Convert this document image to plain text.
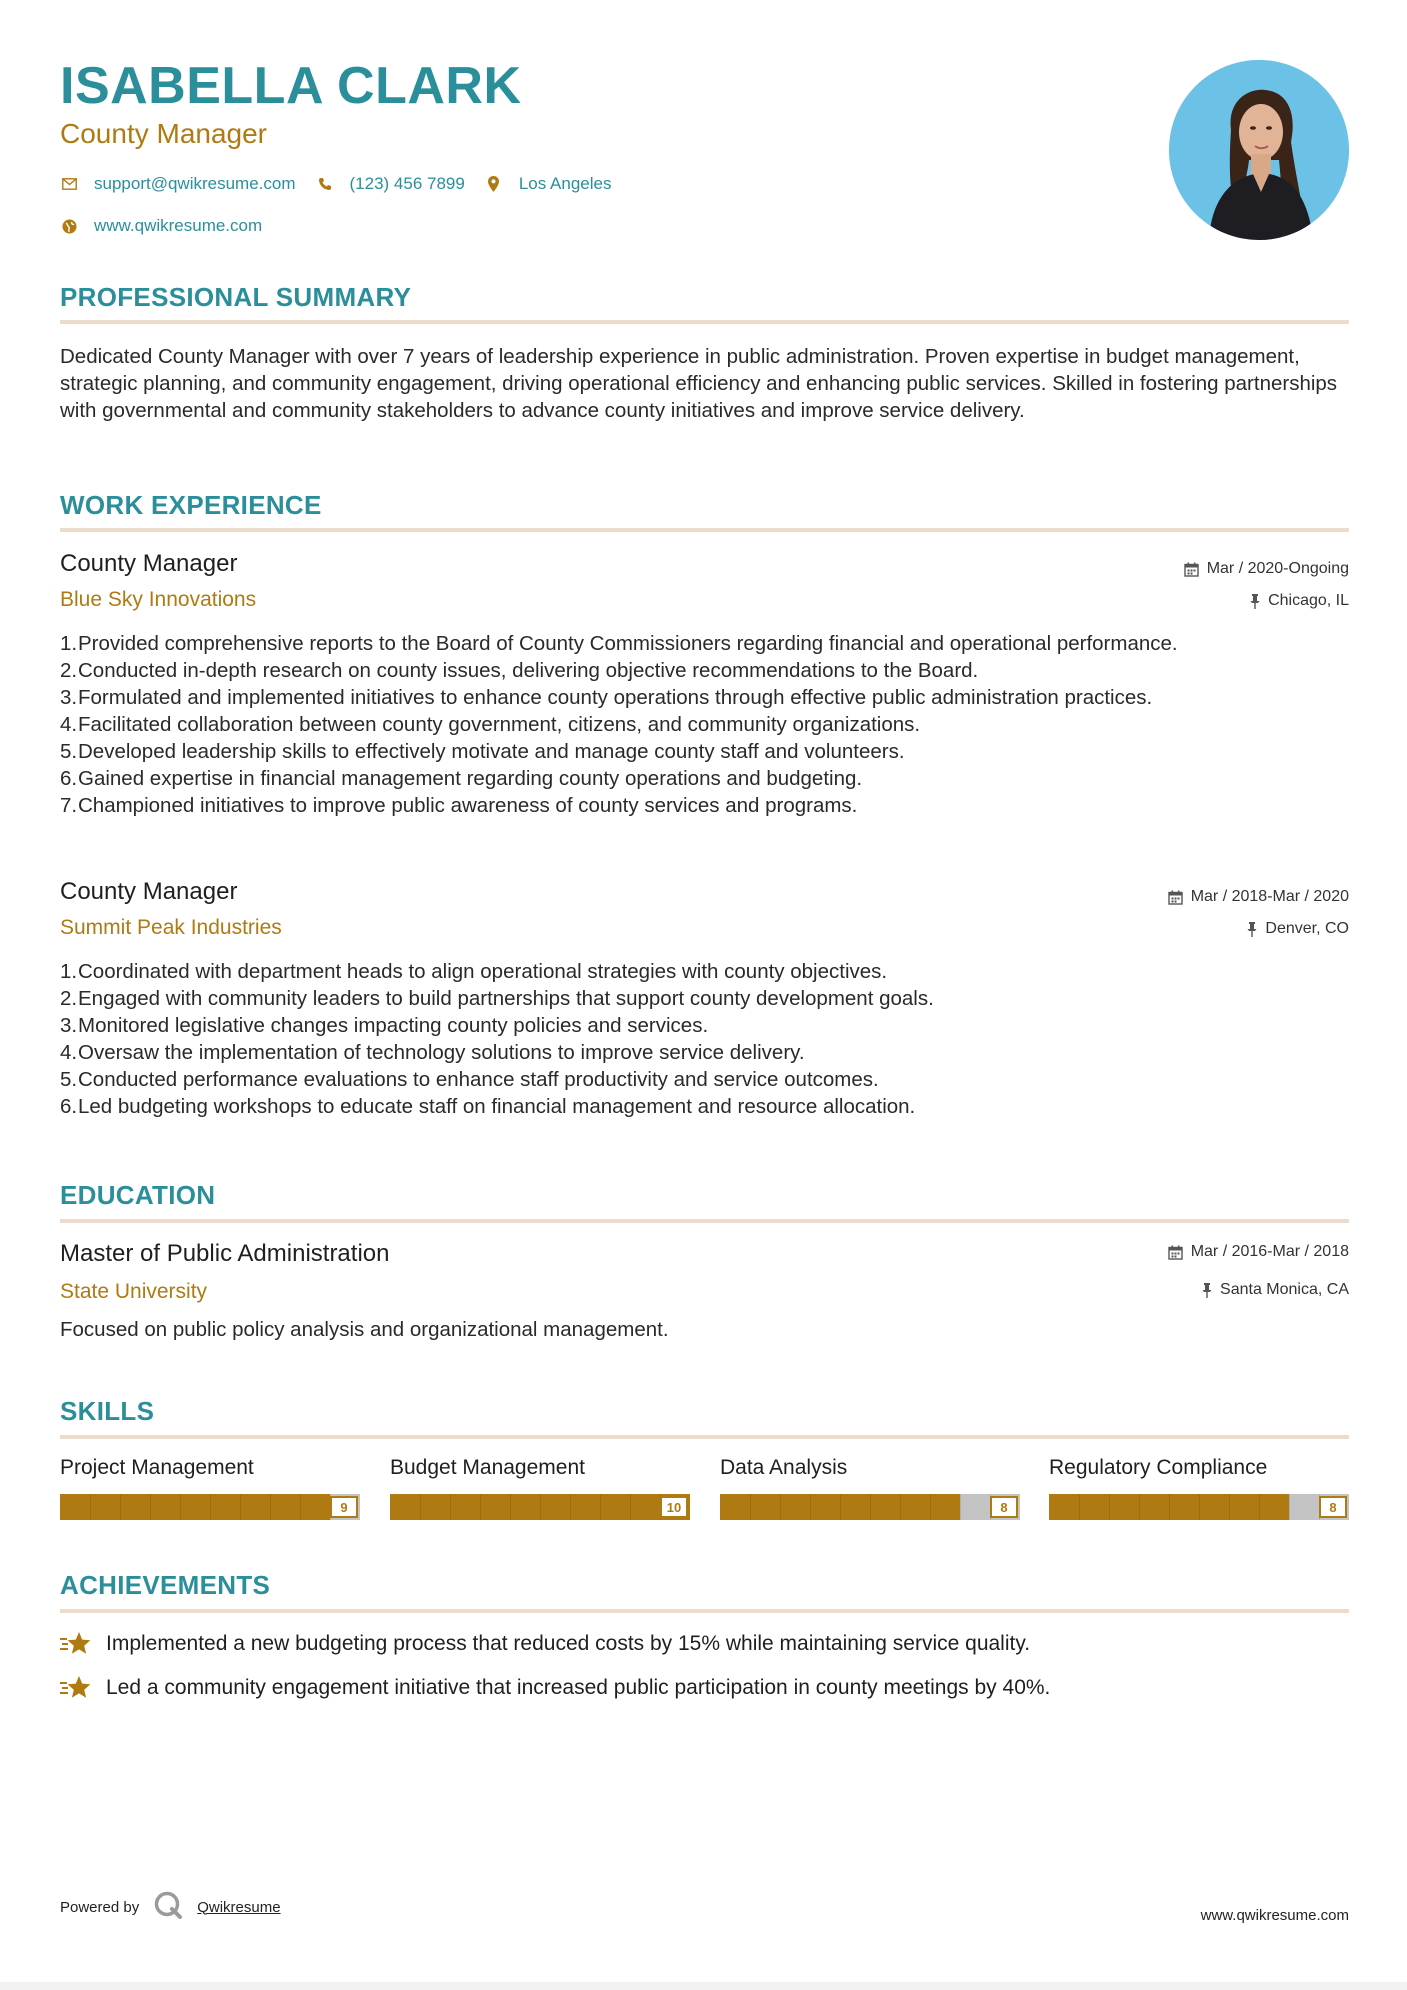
ISABELLA CLARK

County Manager

support@qwikresume.com	(123) 456 7899	Los Angeles
www.qwikresume.com
PROFESSIONAL SUMMARY

Dedicated County Manager with over 7 years of leadership experience in public administration. Proven expertise in budget management, strategic planning, and community engagement, driving operational efficiency and enhancing public services. Skilled in fostering partnerships with governmental and community stakeholders to advance county initiatives and improve service delivery.

WORK EXPERIENCE

County Manager

Blue Sky Innovations

Mar / 2020-Ongoing
Chicago, IL
1. Provided comprehensive reports to the Board of County Commissioners regarding financial and operational performance.
2. Conducted in-depth research on county issues, delivering objective recommendations to the Board.
3. Formulated and implemented initiatives to enhance county operations through effective public administration practices.
4. Facilitated collaboration between county government, citizens, and community organizations.
5. Developed leadership skills to effectively motivate and manage county staff and volunteers.
6. Gained expertise in financial management regarding county operations and budgeting.
7. Championed initiatives to improve public awareness of county services and programs.

County Manager

Summit Peak Industries

Mar / 2018-Mar / 2020
Denver, CO
1. Coordinated with department heads to align operational strategies with county objectives.
2. Engaged with community leaders to build partnerships that support county development goals.
3. Monitored legislative changes impacting county policies and services.
4. Oversaw the implementation of technology solutions to improve service delivery.
5. Conducted performance evaluations to enhance staff productivity and service outcomes.
6. Led budgeting workshops to educate staff on financial management and resource allocation.
EDUCATION

Master of Public Administration

State University

Mar / 2016-Mar / 2018
Santa Monica, CA

Focused on public policy analysis and organizational management.

SKILLS

Project Management

9

Budget Management

10

Data Analysis

8

Regulatory Compliance

8
ACHIEVEMENTS
Implemented a new budgeting process that reduced costs by 15% while maintaining service quality.
Led a community engagement initiative that increased public participation in county meetings by 40%.
Powered by	Qwikresume	www.qwikresume.com
